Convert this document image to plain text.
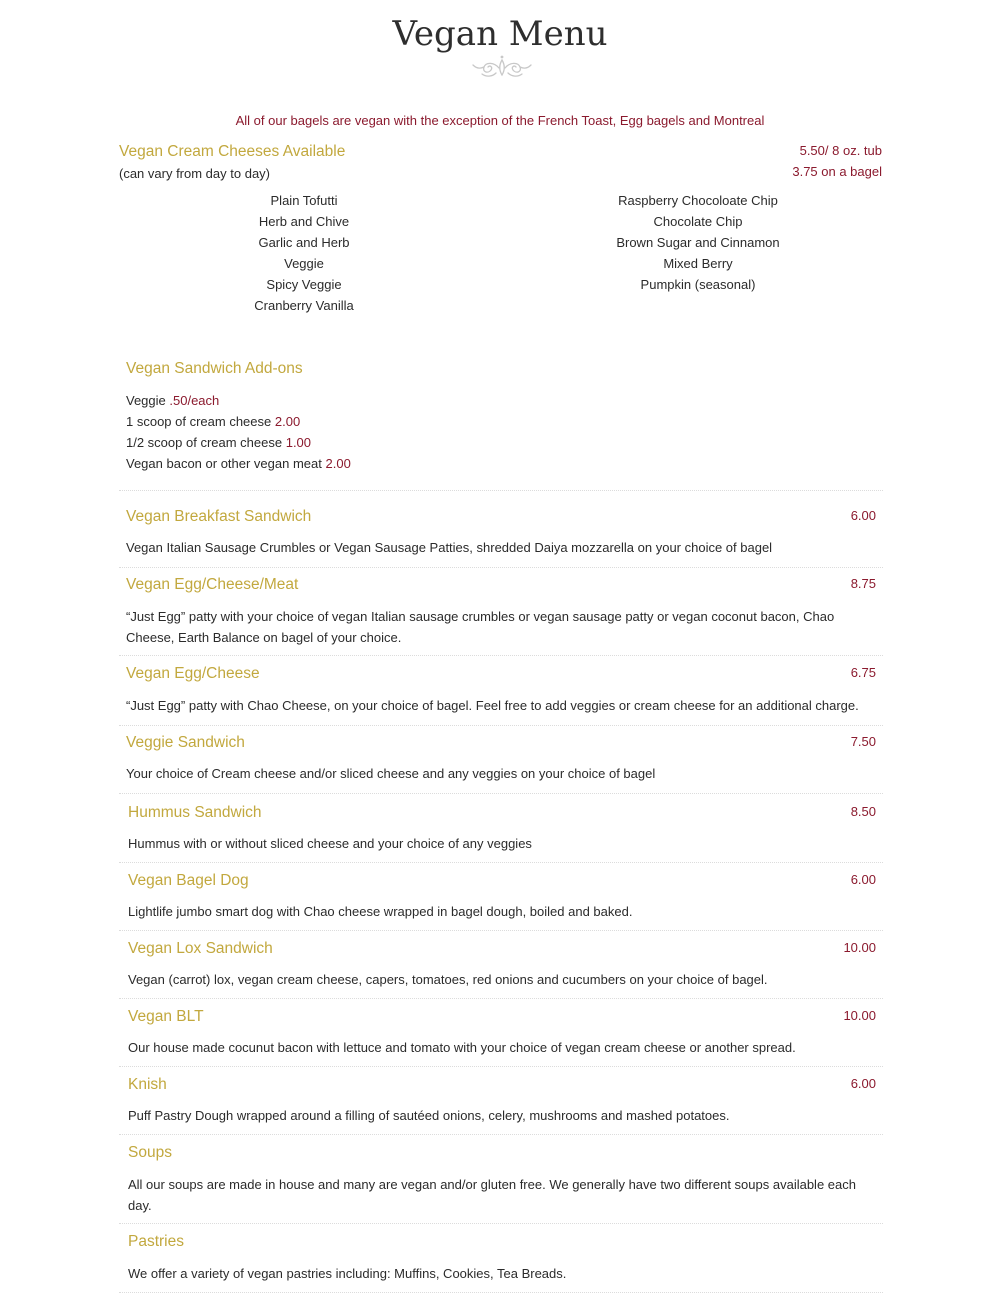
Vegan Menu
All of our bagels are vegan with the exception of the French Toast, Egg bagels and Montreal
Vegan Cream Cheeses Available
(can vary from day to day)
5.50/ 8 oz. tub
3.75 on a bagel
Plain Tofutti
Herb and Chive
Garlic and Herb
Veggie
Spicy Veggie
Cranberry Vanilla
Raspberry Chocoloate Chip
Chocolate Chip
Brown Sugar and Cinnamon
Mixed Berry
Pumpkin (seasonal)
Vegan Sandwich Add-ons
Veggie .50/each
1 scoop of cream cheese 2.00
1/2 scoop of cream cheese 1.00
Vegan bacon or other vegan meat 2.00
Vegan Breakfast Sandwich	6.00
Vegan Italian Sausage Crumbles or Vegan Sausage Patties, shredded Daiya mozzarella on your choice of bagel
Vegan Egg/Cheese/Meat	8.75
“Just Egg” patty with your choice of vegan Italian sausage crumbles or vegan sausage patty or vegan coconut bacon, Chao Cheese, Earth Balance on bagel of your choice.
Vegan Egg/Cheese	6.75
“Just Egg” patty with Chao Cheese, on your choice of bagel. Feel free to add veggies or cream cheese for an additional charge.
Veggie Sandwich	7.50
Your choice of Cream cheese and/or sliced cheese and any veggies on your choice of bagel
Hummus Sandwich	8.50
Hummus with or without sliced cheese and your choice of any veggies
Vegan Bagel Dog	6.00
Lightlife jumbo smart dog with Chao cheese wrapped in bagel dough, boiled and baked.
Vegan Lox Sandwich	10.00
Vegan (carrot) lox, vegan cream cheese, capers, tomatoes, red onions and cucumbers on your choice of bagel.
Vegan BLT	10.00
Our house made cocunut bacon with lettuce and tomato with your choice of vegan cream cheese or another spread.
Knish	6.00
Puff Pastry Dough wrapped around a filling of sautéed onions, celery, mushrooms and mashed potatoes.
Soups
All our soups are made in house and many are vegan and/or gluten free. We generally have two different soups available each day.
Pastries
We offer a variety of vegan pastries including: Muffins, Cookies, Tea Breads.
